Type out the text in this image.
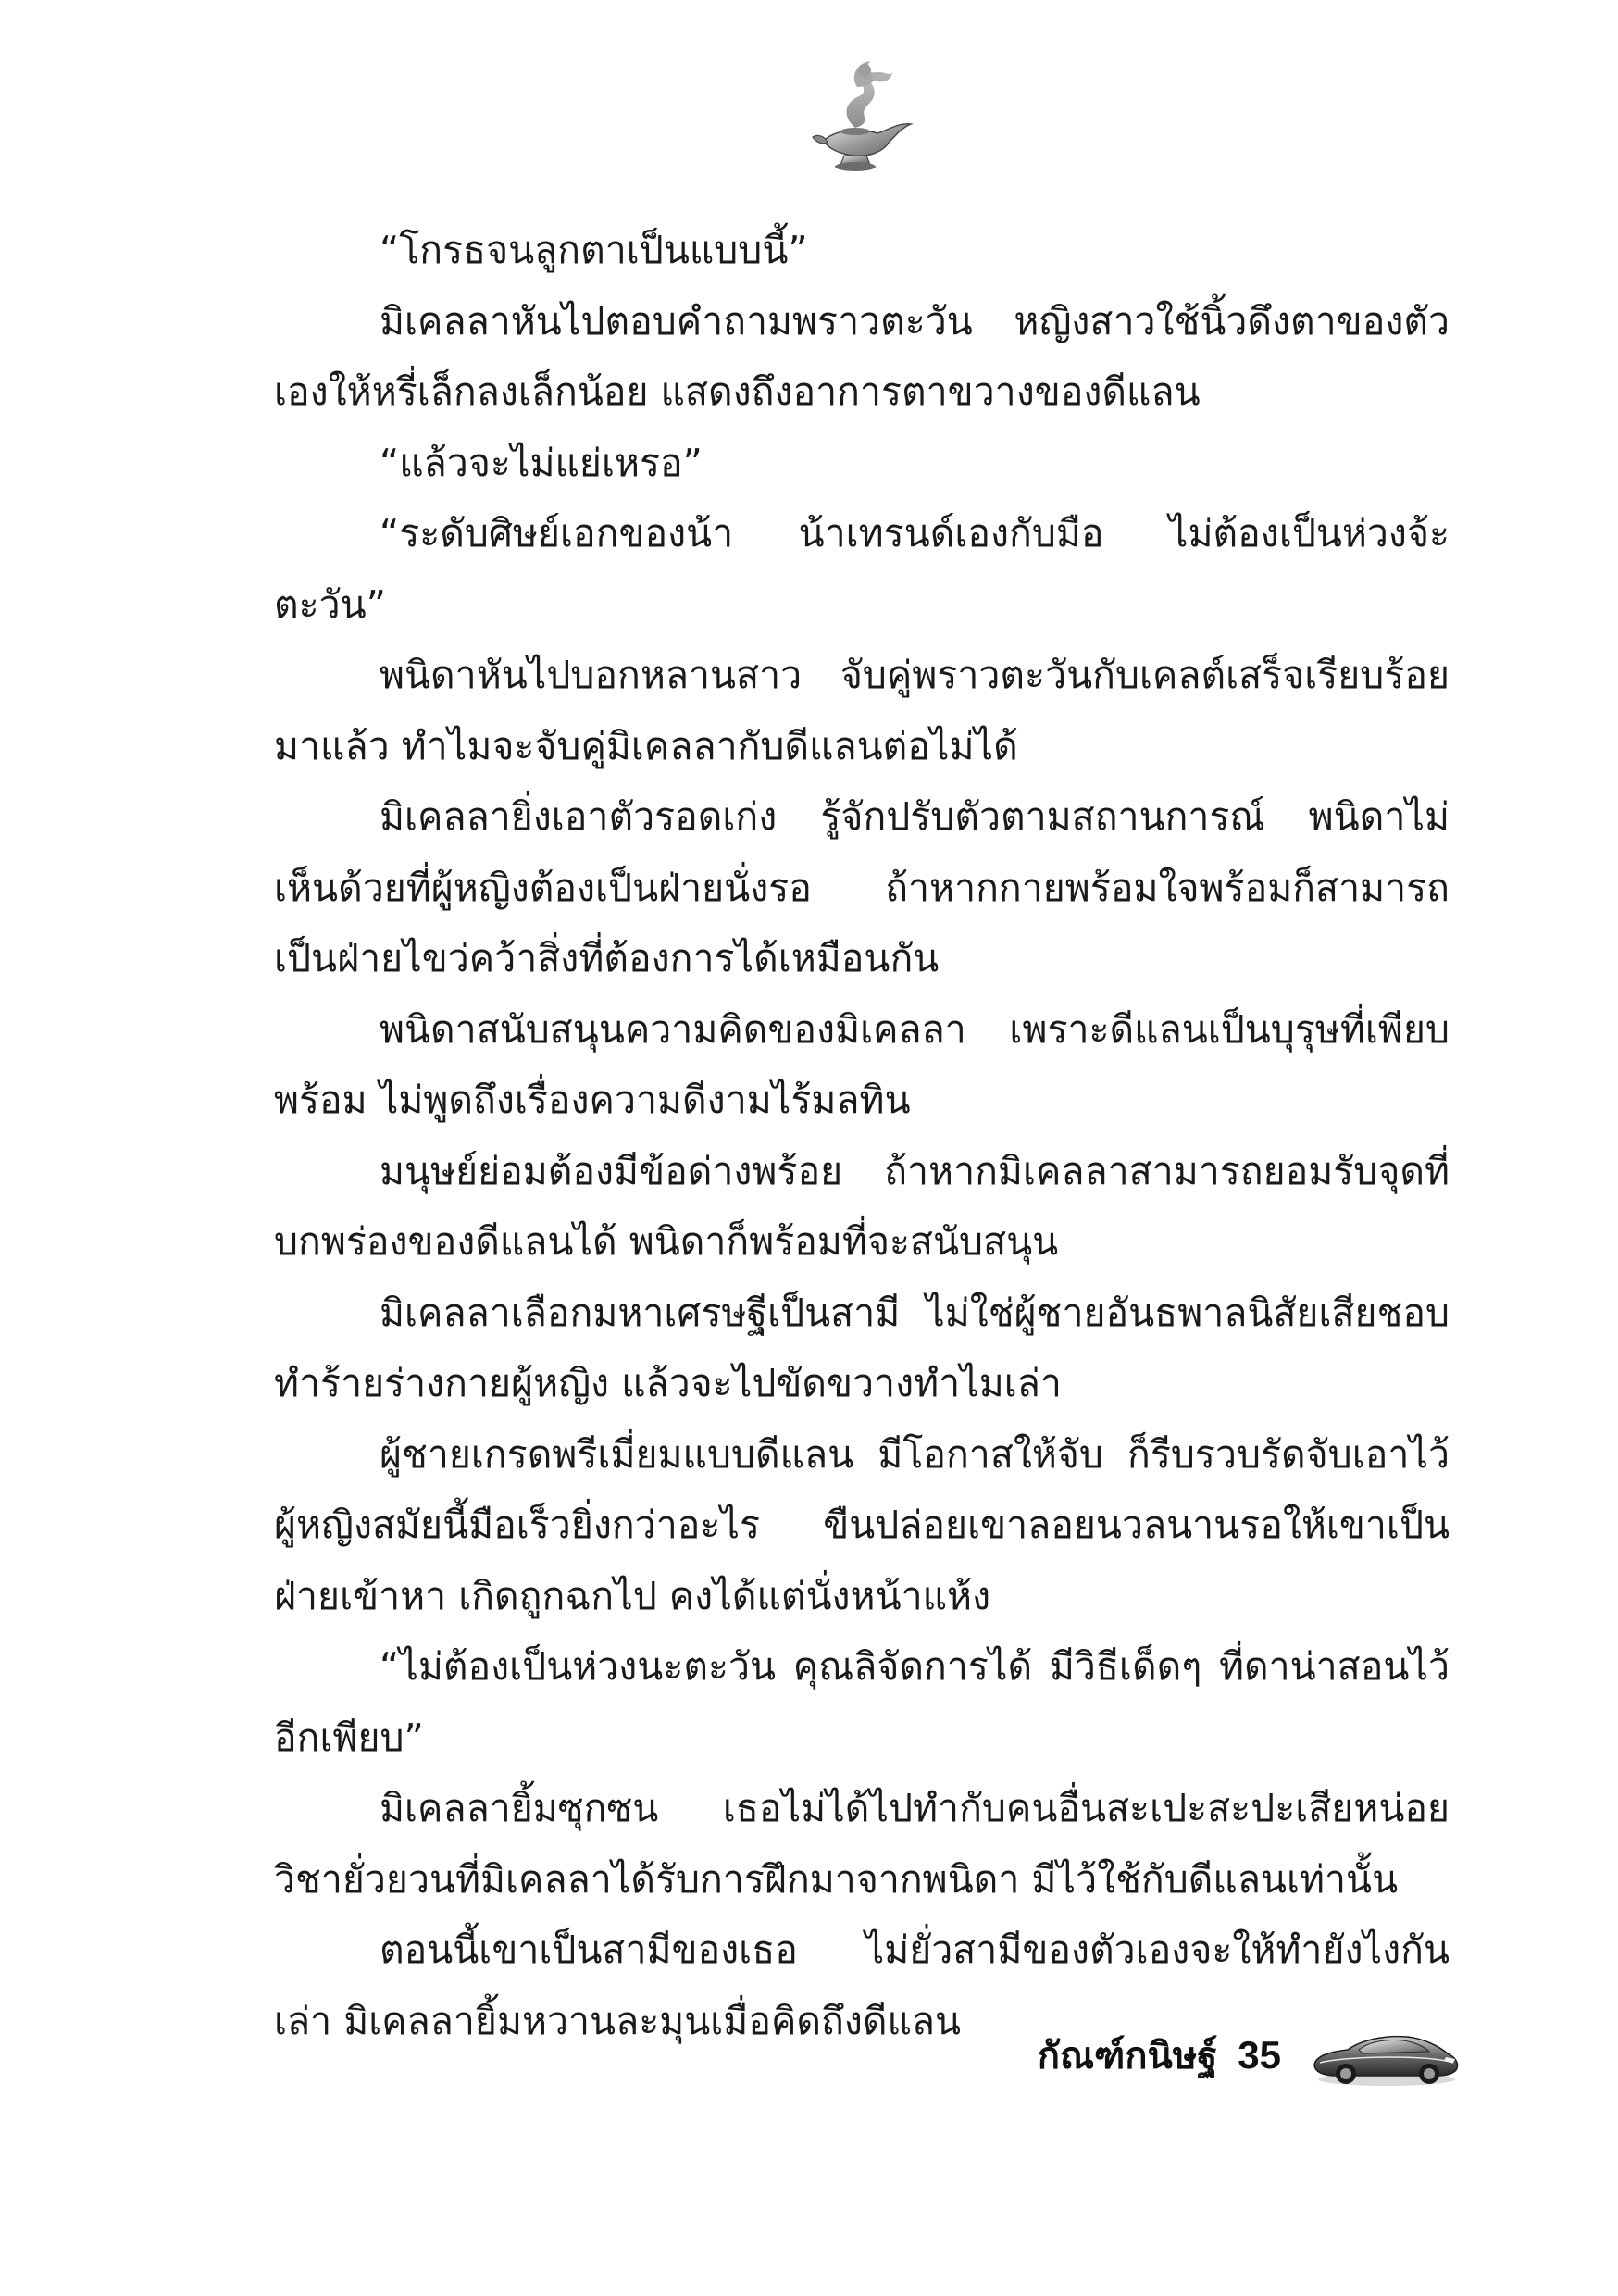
“โกรธจนลูกตาเป็นแบบนี้”

มิเคลลาหันไปตอบคำถามพราวตะวัน หญิงสาวใช้นิ้วดึงตาของตัวเองให้หรี่เล็กลงเล็กน้อย แสดงถึงอาการตาขวางของดีแลน

“แล้วจะไม่แย่เหรอ”

“ระดับศิษย์เอกของน้า น้าเทรนด์เองกับมือ ไม่ต้องเป็นห่วงจ้ะตะวัน”

พนิดาหันไปบอกหลานสาว จับคู่พราวตะวันกับเคลต์เสร็จเรียบร้อยมาแล้ว ทำไมจะจับคู่มิเคลลากับดีแลนต่อไม่ได้

มิเคลลายิ่งเอาตัวรอดเก่ง รู้จักปรับตัวตามสถานการณ์ พนิดาไม่เห็นด้วยที่ผู้หญิงต้องเป็นฝ่ายนั่งรอ ถ้าหากกายพร้อมใจพร้อมก็สามารถเป็นฝ่ายไขว่คว้าสิ่งที่ต้องการได้เหมือนกัน

พนิดาสนับสนุนความคิดของมิเคลลา เพราะดีแลนเป็นบุรุษที่เพียบพร้อม ไม่พูดถึงเรื่องความดีงามไร้มลทิน

มนุษย์ย่อมต้องมีข้อด่างพร้อย ถ้าหากมิเคลลาสามารถยอมรับจุดที่บกพร่องของดีแลนได้ พนิดาก็พร้อมที่จะสนับสนุน

มิเคลลาเลือกมหาเศรษฐีเป็นสามี ไม่ใช่ผู้ชายอันธพาลนิสัยเสียชอบทำร้ายร่างกายผู้หญิง แล้วจะไปขัดขวางทำไมเล่า

ผู้ชายเกรดพรีเมี่ยมแบบดีแลน มีโอกาสให้จับ ก็รีบรวบรัดจับเอาไว้ ผู้หญิงสมัยนี้มือเร็วยิ่งกว่าอะไร ขืนปล่อยเขาลอยนวลนานรอให้เขาเป็นฝ่ายเข้าหา เกิดถูกฉกไป คงได้แต่นั่งหน้าแห้ง

“ไม่ต้องเป็นห่วงนะตะวัน คุณลิจัดการได้ มีวิธีเด็ดๆ ที่ดาน่าสอนไว้อีกเพียบ”

มิเคลลายิ้มซุกซน เธอไม่ได้ไปทำกับคนอื่นสะเปะสะปะเสียหน่อยวิชายั่วยวนที่มิเคลลาได้รับการฝึกมาจากพนิดา มีไว้ใช้กับดีแลนเท่านั้น

ตอนนี้เขาเป็นสามีของเธอ ไม่ยั่วสามีของตัวเองจะให้ทำยังไงกันเล่า มิเคลลายิ้มหวานละมุนเมื่อคิดถึงดีแลน

กัณฑ์กนิษฐ์ 35
